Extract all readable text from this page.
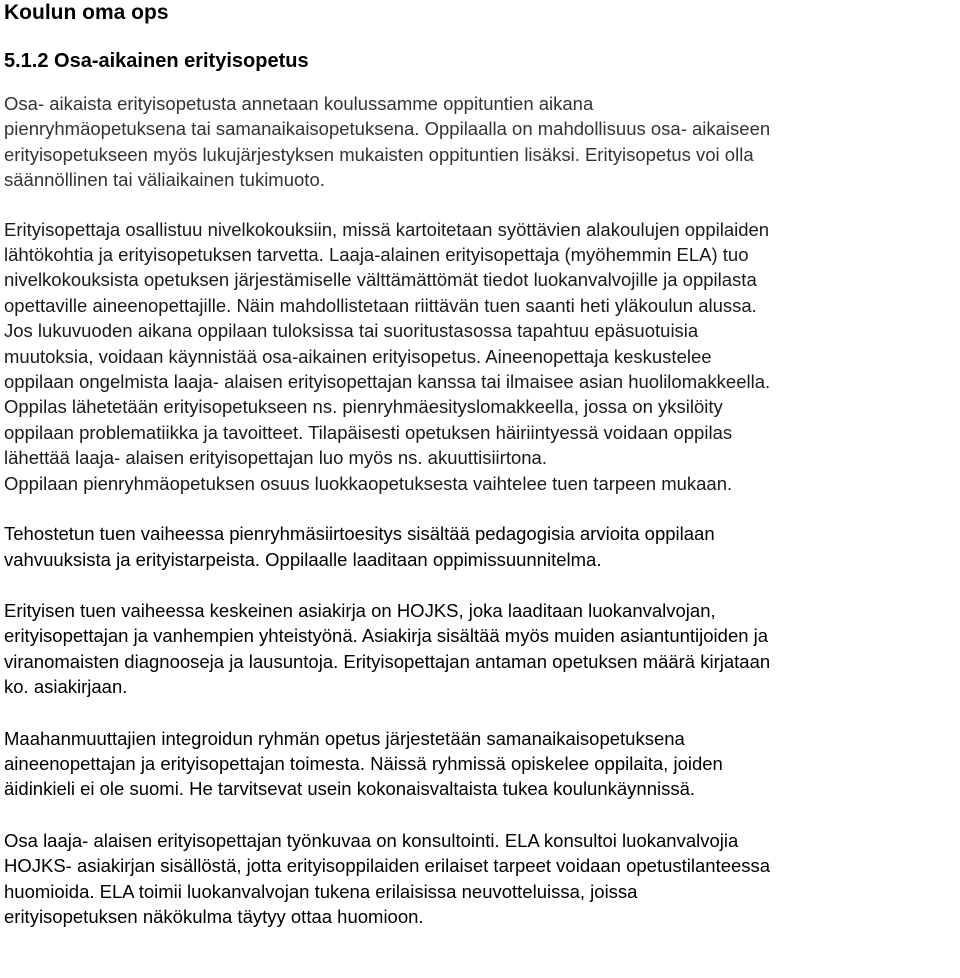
Koulun oma ops
5.1.2 Osa-aikainen erityisopetus

Osa- aikaista erityisopetusta annetaan koulussamme oppituntien aikana
pienryhmäopetuksena tai samanaikaisopetuksena. Oppilaalla on mahdollisuus osa- aikaiseen
erityisopetukseen myös lukujärjestyksen mukaisten oppituntien lisäksi. Erityisopetus voi olla
säännöllinen tai väliaikainen tukimuoto.

Erityisopettaja osallistuu nivelkokouksiin, missä kartoitetaan syöttävien alakoulujen oppilaiden
lähtökohtia ja erityisopetuksen tarvetta. Laaja-alainen erityisopettaja (myöhemmin ELA) tuo
nivelkokouksista opetuksen järjestämiselle välttämättömät tiedot luokanvalvojille ja oppilasta
opettaville aineenopettajille. Näin mahdollistetaan riittävän tuen saanti heti yläkoulun alussa.
Jos lukuvuoden aikana oppilaan tuloksissa tai suoritustasossa tapahtuu epäsuotuisia
muutoksia, voidaan käynnistää osa-aikainen erityisopetus. Aineenopettaja keskustelee
oppilaan ongelmista laaja- alaisen erityisopettajan kanssa tai ilmaisee asian huolilomakkeella.
Oppilas lähetetään erityisopetukseen ns. pienryhmäesityslomakkeella, jossa on yksilöity
oppilaan problematiikka ja tavoitteet. Tilapäisesti opetuksen häiriintyessä voidaan oppilas
lähettää laaja- alaisen erityisopettajan luo myös ns. akuuttisiirtona.
Oppilaan pienryhmäopetuksen osuus luokkaopetuksesta vaihtelee tuen tarpeen mukaan.

Tehostetun tuen vaiheessa pienryhmäsiirtoesitys sisältää pedagogisia arvioita oppilaan
vahvuuksista ja erityistarpeista. Oppilaalle laaditaan oppimissuunnitelma.

Erityisen tuen vaiheessa keskeinen asiakirja on HOJKS, joka laaditaan luokanvalvojan,
erityisopettajan ja vanhempien yhteistyönä. Asiakirja sisältää myös muiden asiantuntijoiden ja
viranomaisten diagnooseja ja lausuntoja. Erityisopettajan antaman opetuksen määrä kirjataan
ko. asiakirjaan.

Maahanmuuttajien integroidun ryhmän opetus järjestetään samanaikaisopetuksena
aineenopettajan ja erityisopettajan toimesta. Näissä ryhmissä opiskelee oppilaita, joiden
äidinkieli ei ole suomi. He tarvitsevat usein kokonaisvaltaista tukea koulunkäynnissä.

Osa laaja- alaisen erityisopettajan työnkuvaa on konsultointi. ELA konsultoi luokanvalvojia
HOJKS- asiakirjan sisällöstä, jotta erityisoppilaiden erilaiset tarpeet voidaan opetustilanteessa
huomioida. ELA toimii luokanvalvojan tukena erilaisissa neuvotteluissa, joissa
erityisopetuksen näkökulma täytyy ottaa huomioon.
